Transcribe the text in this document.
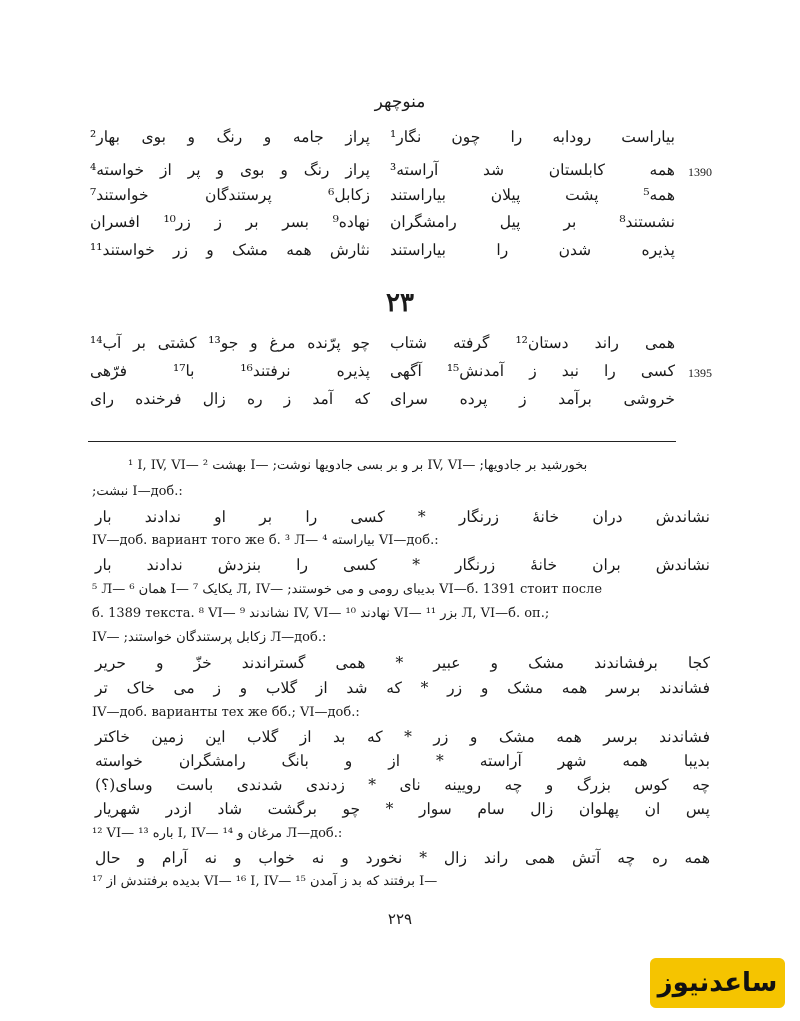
منوچهر
بیاراست رودابه را چون نگار¹
پراز جامه و رنگ و بوی بهار²
همه کابلستان شد آراسته³
پراز رنگ و بوی و پر از خواسته⁴	1390
همه⁵ پشت پیلان بیاراستند
زکابل⁶ پرستندگان خواستند⁷
نشستند⁸ بر پیل رامشگران
نهاده⁹ بسر بر ز زر¹⁰ افسران
پذیره شدن را بیاراستند
نثارش همه مشک و زر خواستند¹¹
۲۳
همی راند دستان¹² گرفته شتاب
چو پرّنده مرغ و جو¹³ کشتی بر آب¹⁴
کسی را نبد ز آمدنش¹⁵ آگهی
پذیره نرفتند¹⁶ با¹⁷ فرّهی	1395
خروشی برآمد ز پرده سرای
که آمد ز ره زال فرخنده رای
¹ I, IV, VI— بهشت ² I— ;بر و بر بسی جادویها نوشت IV, VI— ;بخورشید بر جادویها
;نبشت I—доб.:
نشاندش دران خانهٔ زرنگار * کسی را بر او ندادند بار
IV—доб. вариант того же б. ³ Л— بیاراسته ⁴ VI—доб.:
نشاندش بران خانهٔ زرنگار * کسی را بنزدش ندادند بار
⁵ Л— همان ⁶ I— یکایک ⁷ Л, IV— ;بدیبای رومی و می خوستند VI—б. 1391 стоит после
б. 1389 текста. ⁸ VI— نشاندند ⁹ IV, VI— نهادند ¹⁰ VI— بزر ¹¹ Л, VI—б. оп.;
IV— ;زکابل پرستندگان خواستند Л—доб.:
کجا برفشاندند مشک و عبیر * همی گستراندند خزّ و حریر
فشاندند برسر همه مشک و زر * که شد از گلاب و ز می خاک تر
IV—доб. варианты тех же бб.; VI—доб.:
فشاندند برسر همه مشک و زر * که بد از گلاب این زمین خاکتر
بدیبا همه شهر آراسته * از و بانگ رامشگران خواسته
چه کوس بزرگ و چه رویینه نای * زدندی شدندی باست وسای(؟)
پس ان پهلوان زال سام سوار * چو برگشت شاد ازدر شهریار
¹² VI— باره ¹³ I, IV— مرغان و ¹⁴ Л—доб.:
همه ره چه آتش همی راند زال * نخورد و نه خواب و نه آرام و حال
بدیده برفتندش از ¹⁷ VI— ¹⁶ I, IV— برفتند که بد ز آمدن ¹⁵ I—
۲۲۹
ساعدنیوز
